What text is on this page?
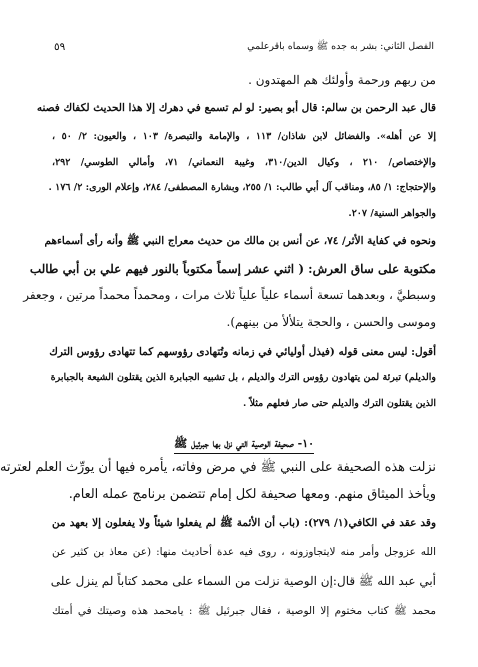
الفصل الثاني: بشر به جده ﷺ وسماه باقرعلمي
٥٩

من ربهم ورحمة وأولئك هم المهتدون .

قال عبد الرحمن بن سالم: قال أبو بصير: لو لم تسمع في دهرك إلا هذا الحديث لكفاك فصنه

إلا عن أهله». والفضائل لابن شاذان/ ١١٣ ، والإمامة والتبصرة/ ١٠٣ ، والعيون: ٢/ ٥٠ ،

والإختصاص/ ٢١٠ ، وكيال الدين/٣١٠، وغيبة النعماني/ ٧١، وأمالي الطوسي/ ٢٩٢،

والإحتجاج: ١/ ٨٥، ومناقب آل أبي طالب: ١/ ٢٥٥، وبشارة المصطفى/ ٢٨٤، وإعلام الورى: ٢/ ١٧٦ .

والجواهر السنية/ ٢٠٧.

ونحوه في كفاية الأثر/ ٧٤، عن أنس بن مالك من حديث معراج النبي ﷺ وأنه رأى أسماءهم

مكتوبة على ساق العرش: ( اثني عشر إسماً مكتوباً بالنور فيهم علي بن أبي طالب

وسبطيَّ ، وبعدهما تسعة أسماء علياً علياً ثلاث مرات ، ومحمداً محمداً مرتين ، وجعفر

وموسى والحسن ، والحجة يتلألأ من بينهم).

أقول: ليس معنى قوله (فيذل أوليائي في زمانه وتُتهادى رؤوسهم كما تتهادى رؤوس الترك

والديلم) تبرئة لمن يتهادون رؤوس الترك والديلم ، بل تشبيه الجبابرة الذين يقتلون الشيعة بالجبابرة

الذين يقتلون الترك والديلم حتى صار فعلهم مثلاً .

١٠- صحيفة الوصية التي نزل بها جبرئيل ﷺ

نزلت هذه الصحيفة على النبي ﷺ في مرض وفاته، يأمره فيها أن يورِّث العلم لعترته

ويأخذ الميثاق منهم. ومعها صحيفة لكل إمام تتضمن برنامج عمله العام.

وقد عقد في الكافي(١/ ٢٧٩): (باب أن الأئمة ﷺ لم يفعلوا شيئاً ولا يفعلون إلا بعهد من

الله عزوجل وأمر منه لايتجاوزونه ، روى فيه عدة أحاديث منها: (عن معاذ بن كثير عن

أبي عبد الله ﷺ قال:إن الوصية نزلت من السماء على محمد كتاباً لم ينزل على

محمد ﷺ كتاب مختوم إلا الوصية ، فقال جبرئيل ﷺ : يامحمد هذه وصيتك في أمتك
